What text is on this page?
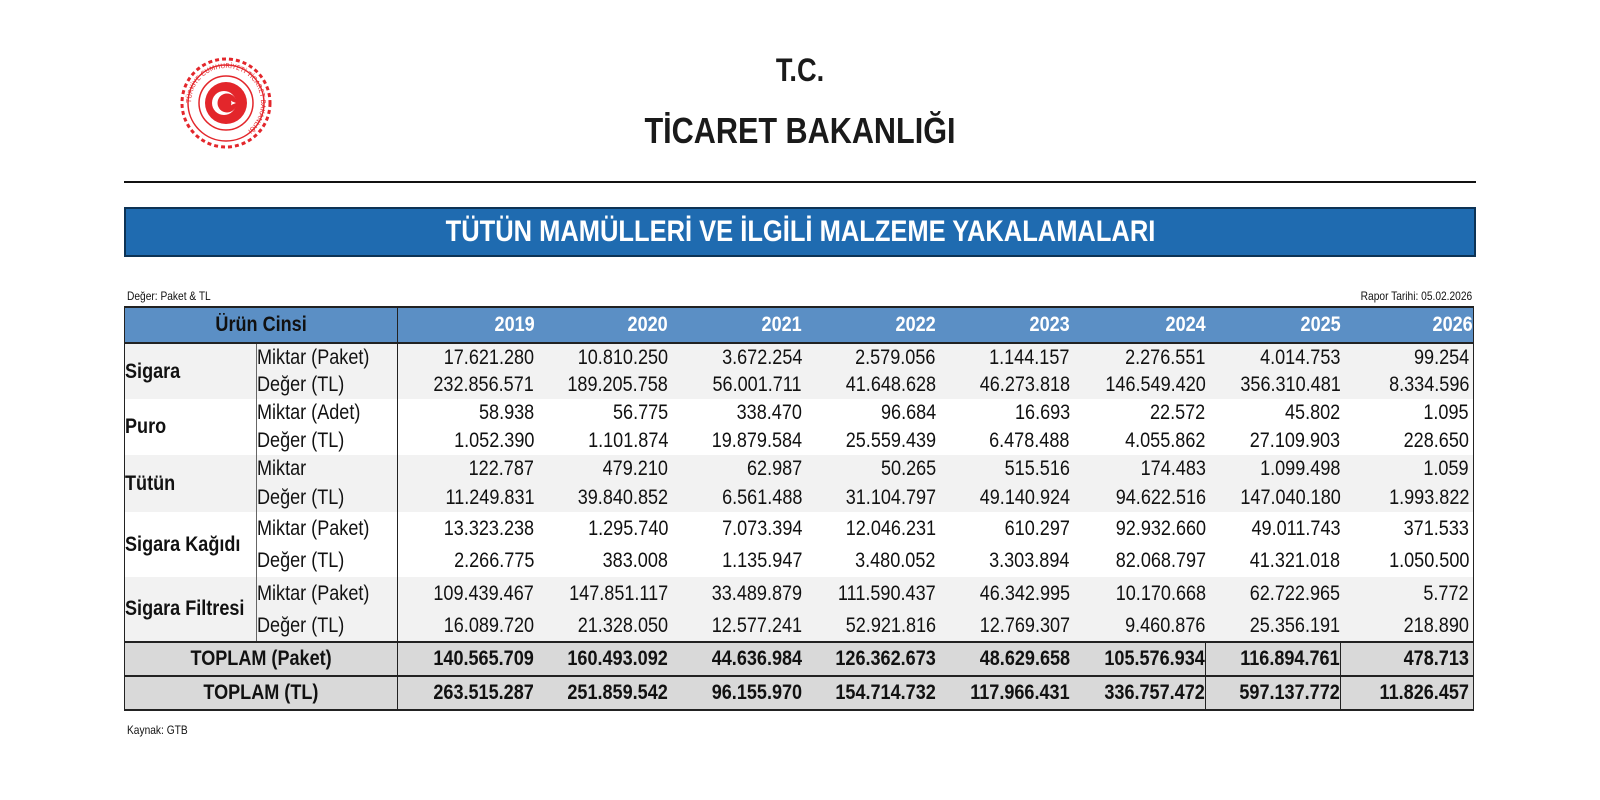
TÜRKİYE CUMHURİYETİ TİCARET BAKANLIĞI
T.C.
TİCARET BAKANLIĞI
TÜTÜN MAMÜLLERİ VE İLGİLİ MALZEME YAKALAMALARI
Değer: Paket & TL	Rapor Tarihi: 05.02.2026
Ürün Cinsi		2019	2020	2021	2022	2023	2024	2025	2026
Sigara	Miktar (Paket)	17.621.280	10.810.250	3.672.254	2.579.056	1.144.157	2.276.551	4.014.753	99.254
	Değer (TL)	232.856.571	189.205.758	56.001.711	41.648.628	46.273.818	146.549.420	356.310.481	8.334.596
Puro	Miktar (Adet)	58.938	56.775	338.470	96.684	16.693	22.572	45.802	1.095
	Değer (TL)	1.052.390	1.101.874	19.879.584	25.559.439	6.478.488	4.055.862	27.109.903	228.650
Tütün	Miktar	122.787	479.210	62.987	50.265	515.516	174.483	1.099.498	1.059
	Değer (TL)	11.249.831	39.840.852	6.561.488	31.104.797	49.140.924	94.622.516	147.040.180	1.993.822
Sigara Kağıdı	Miktar (Paket)	13.323.238	1.295.740	7.073.394	12.046.231	610.297	92.932.660	49.011.743	371.533
	Değer (TL)	2.266.775	383.008	1.135.947	3.480.052	3.303.894	82.068.797	41.321.018	1.050.500
Sigara Filtresi	Miktar (Paket)	109.439.467	147.851.117	33.489.879	111.590.437	46.342.995	10.170.668	62.722.965	5.772
	Değer (TL)	16.089.720	21.328.050	12.577.241	52.921.816	12.769.307	9.460.876	25.356.191	218.890
TOPLAM (Paket)		140.565.709	160.493.092	44.636.984	126.362.673	48.629.658	105.576.934	116.894.761	478.713
TOPLAM (TL)		263.515.287	251.859.542	96.155.970	154.714.732	117.966.431	336.757.472	597.137.772	11.826.457
Kaynak: GTB
